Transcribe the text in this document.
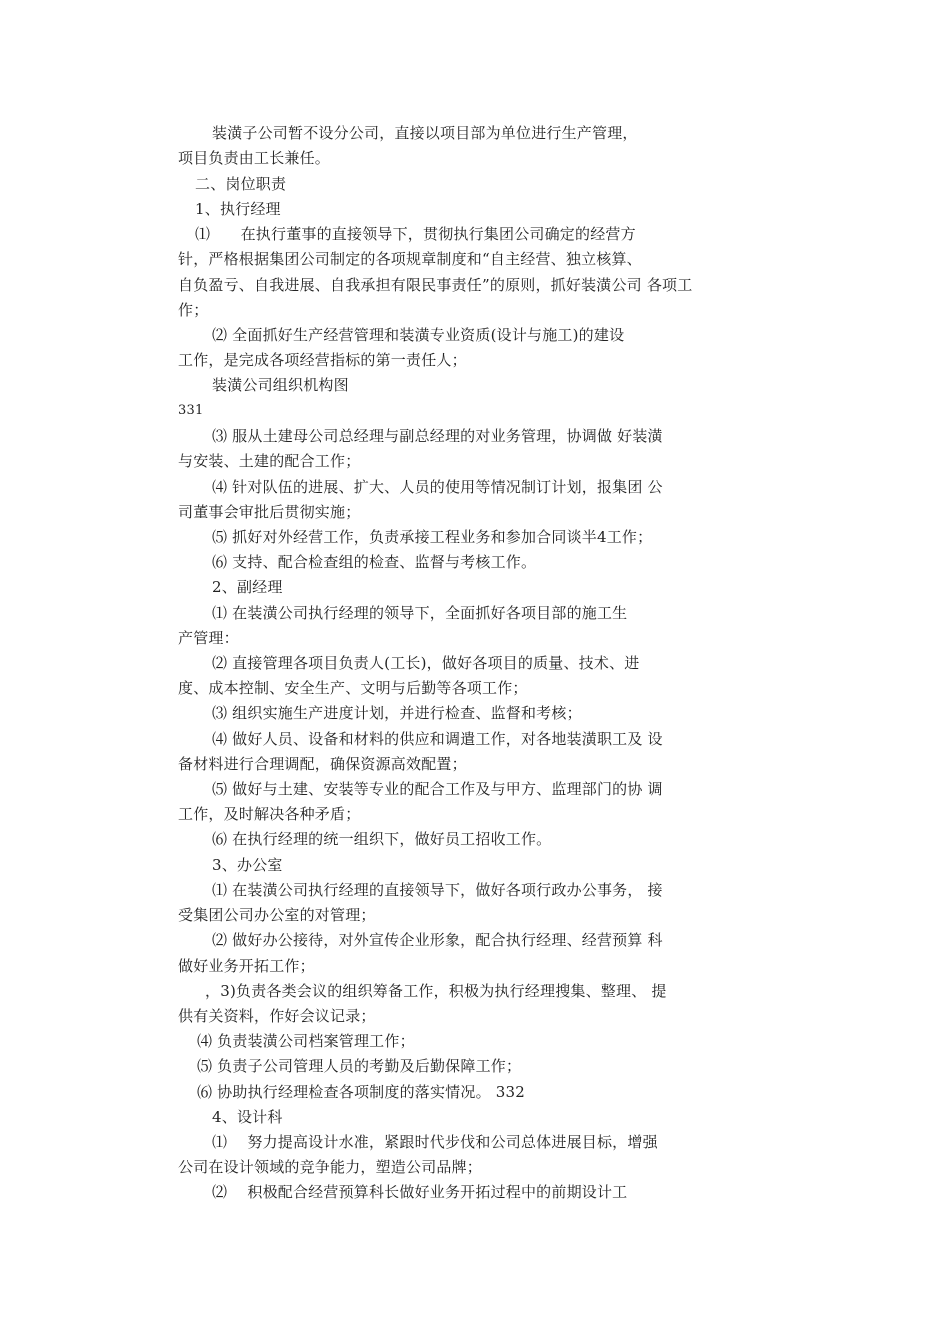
装潢子公司暂不设分公司，直接以项目部为单位进行生产管理，

项目负责由工长兼任。

二、岗位职责

1、执行经理

⑴　　在执行董事的直接领导下，贯彻执行集团公司确定的经营方

针，严格根据集团公司制定的各项规章制度和“自主经营、独立核算、

自负盈亏、自我进展、自我承担有限民事责任”的原则，抓好装潢公司 各项工

作；

⑵ 全面抓好生产经营管理和装潢专业资质(设计与施工)的建设

工作，是完成各项经营指标的第一责任人；

装潢公司组织机构图

331

⑶ 服从土建母公司总经理与副总经理的对业务管理，协调做 好装潢

与安装、土建的配合工作；

⑷ 针对队伍的进展、扩大、人员的使用等情况制订计划，报集团 公

司董事会审批后贯彻实施；

⑸ 抓好对外经营工作，负责承接工程业务和参加合同谈半4工作；

⑹ 支持、配合检查组的检查、监督与考核工作。

2、副经理

⑴ 在装潢公司执行经理的领导下，全面抓好各项目部的施工生

产管理：

⑵ 直接管理各项目负责人(工长)，做好各项目的质量、技术、进

度、成本控制、安全生产、文明与后勤等各项工作；

⑶ 组织实施生产进度计划，并进行检查、监督和考核；

⑷ 做好人员、设备和材料的供应和调遣工作，对各地装潢职工及 设

备材料进行合理调配，确保资源高效配置；

⑸ 做好与土建、安装等专业的配合工作及与甲方、监理部门的协 调

工作，及时解决各种矛盾；

⑹ 在执行经理的统一组织下，做好员工招收工作。

3、办公室

⑴ 在装潢公司执行经理的直接领导下，做好各项行政办公事务， 接

受集团公司办公室的对管理；

⑵ 做好办公接待，对外宣传企业形象，配合执行经理、经营预算 科

做好业务开拓工作；

，3)负责各类会议的组织筹备工作，积极为执行经理搜集、整理、 提

供有关资料，作好会议记录；

⑷ 负责装潢公司档案管理工作；

⑸ 负责子公司管理人员的考勤及后勤保障工作；

⑹ 协助执行经理检查各项制度的落实情况。 332

4、设计科

⑴　 努力提高设计水准，紧跟时代步伐和公司总体进展目标，增强

公司在设计领域的竞争能力，塑造公司品牌；

⑵　 积极配合经营预算科长做好业务开拓过程中的前期设计工
